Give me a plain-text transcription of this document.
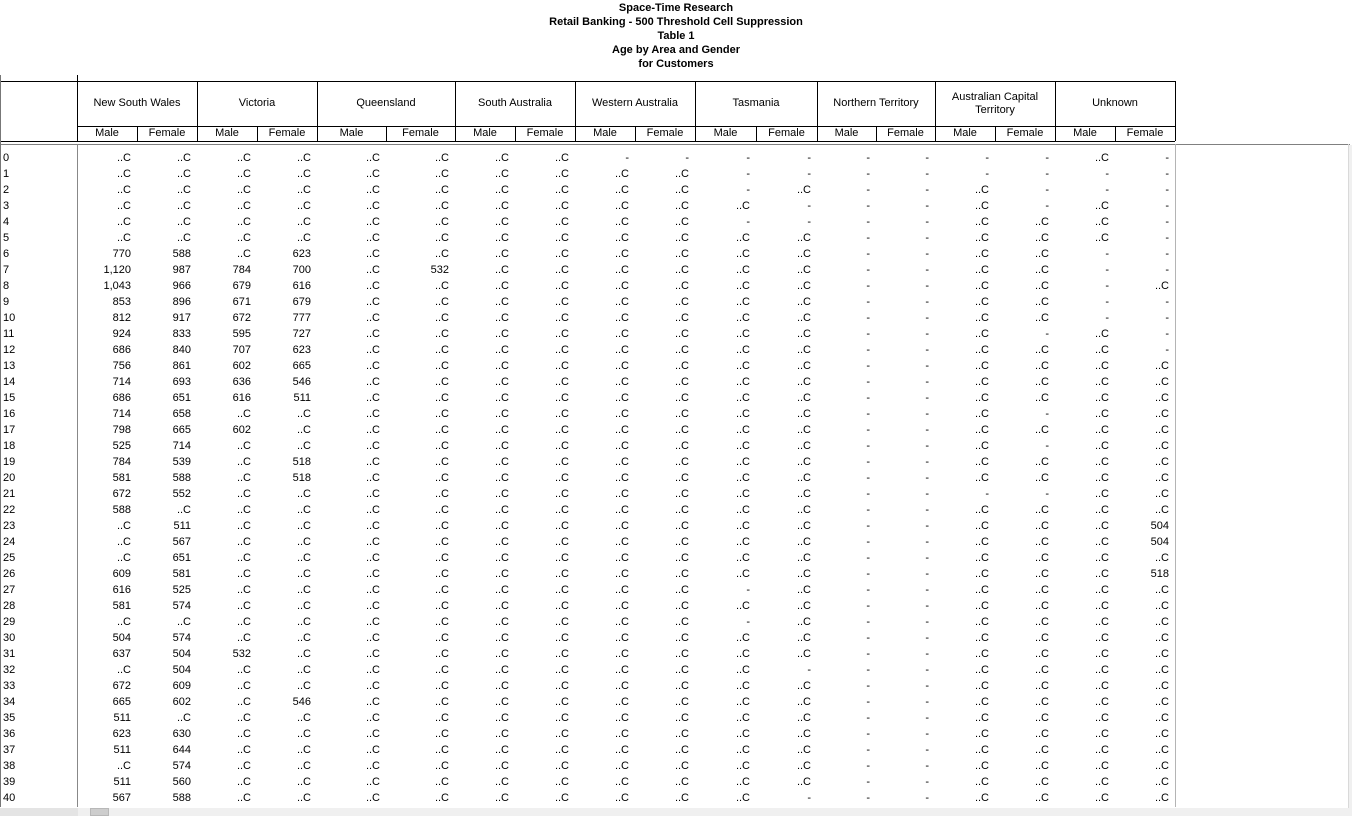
Space-Time Research
Retail Banking - 500 Threshold Cell Suppression
Table 1
Age by Area and Gender
for Customers
New South Wales
Male	Female
Victoria
Male	Female
Queensland
Male	Female
South Australia
Male	Female
Western Australia
Male	Female
Tasmania
Male	Female
Northern Territory
Male	Female
Australian Capital Territory
Male	Female
Unknown
Male	Female
0	..C	..C	..C	..C	..C	..C	..C	..C	-	-	-	-	-	-	-	-	..C	-
1	..C	..C	..C	..C	..C	..C	..C	..C	..C	..C	-	-	-	-	-	-	-	-
2	..C	..C	..C	..C	..C	..C	..C	..C	..C	..C	-	..C	-	-	..C	-	-	-
3	..C	..C	..C	..C	..C	..C	..C	..C	..C	..C	..C	-	-	-	..C	-	..C	-
4	..C	..C	..C	..C	..C	..C	..C	..C	..C	..C	-	-	-	-	..C	..C	..C	-
5	..C	..C	..C	..C	..C	..C	..C	..C	..C	..C	..C	..C	-	-	..C	..C	..C	-
6	770	588	..C	623	..C	..C	..C	..C	..C	..C	..C	..C	-	-	..C	..C	-	-
7	1,120	987	784	700	..C	532	..C	..C	..C	..C	..C	..C	-	-	..C	..C	-	-
8	1,043	966	679	616	..C	..C	..C	..C	..C	..C	..C	..C	-	-	..C	..C	-	..C
9	853	896	671	679	..C	..C	..C	..C	..C	..C	..C	..C	-	-	..C	..C	-	-
10	812	917	672	777	..C	..C	..C	..C	..C	..C	..C	..C	-	-	..C	..C	-	-
11	924	833	595	727	..C	..C	..C	..C	..C	..C	..C	..C	-	-	..C	-	..C	-
12	686	840	707	623	..C	..C	..C	..C	..C	..C	..C	..C	-	-	..C	..C	..C	-
13	756	861	602	665	..C	..C	..C	..C	..C	..C	..C	..C	-	-	..C	..C	..C	..C
14	714	693	636	546	..C	..C	..C	..C	..C	..C	..C	..C	-	-	..C	..C	..C	..C
15	686	651	616	511	..C	..C	..C	..C	..C	..C	..C	..C	-	-	..C	..C	..C	..C
16	714	658	..C	..C	..C	..C	..C	..C	..C	..C	..C	..C	-	-	..C	-	..C	..C
17	798	665	602	..C	..C	..C	..C	..C	..C	..C	..C	..C	-	-	..C	..C	..C	..C
18	525	714	..C	..C	..C	..C	..C	..C	..C	..C	..C	..C	-	-	..C	-	..C	..C
19	784	539	..C	518	..C	..C	..C	..C	..C	..C	..C	..C	-	-	..C	..C	..C	..C
20	581	588	..C	518	..C	..C	..C	..C	..C	..C	..C	..C	-	-	..C	..C	..C	..C
21	672	552	..C	..C	..C	..C	..C	..C	..C	..C	..C	..C	-	-	-	-	..C	..C
22	588	..C	..C	..C	..C	..C	..C	..C	..C	..C	..C	..C	-	-	..C	..C	..C	..C
23	..C	511	..C	..C	..C	..C	..C	..C	..C	..C	..C	..C	-	-	..C	..C	..C	504
24	..C	567	..C	..C	..C	..C	..C	..C	..C	..C	..C	..C	-	-	..C	..C	..C	504
25	..C	651	..C	..C	..C	..C	..C	..C	..C	..C	..C	..C	-	-	..C	..C	..C	..C
26	609	581	..C	..C	..C	..C	..C	..C	..C	..C	..C	..C	-	-	..C	..C	..C	518
27	616	525	..C	..C	..C	..C	..C	..C	..C	..C	-	..C	-	-	..C	..C	..C	..C
28	581	574	..C	..C	..C	..C	..C	..C	..C	..C	..C	..C	-	-	..C	..C	..C	..C
29	..C	..C	..C	..C	..C	..C	..C	..C	..C	..C	-	..C	-	-	..C	..C	..C	..C
30	504	574	..C	..C	..C	..C	..C	..C	..C	..C	..C	..C	-	-	..C	..C	..C	..C
31	637	504	532	..C	..C	..C	..C	..C	..C	..C	..C	..C	-	-	..C	..C	..C	..C
32	..C	504	..C	..C	..C	..C	..C	..C	..C	..C	..C	-	-	-	..C	..C	..C	..C
33	672	609	..C	..C	..C	..C	..C	..C	..C	..C	..C	..C	-	-	..C	..C	..C	..C
34	665	602	..C	546	..C	..C	..C	..C	..C	..C	..C	..C	-	-	..C	..C	..C	..C
35	511	..C	..C	..C	..C	..C	..C	..C	..C	..C	..C	..C	-	-	..C	..C	..C	..C
36	623	630	..C	..C	..C	..C	..C	..C	..C	..C	..C	..C	-	-	..C	..C	..C	..C
37	511	644	..C	..C	..C	..C	..C	..C	..C	..C	..C	..C	-	-	..C	..C	..C	..C
38	..C	574	..C	..C	..C	..C	..C	..C	..C	..C	..C	..C	-	-	..C	..C	..C	..C
39	511	560	..C	..C	..C	..C	..C	..C	..C	..C	..C	..C	-	-	..C	..C	..C	..C
40	567	588	..C	..C	..C	..C	..C	..C	..C	..C	..C	-	-	-	..C	..C	..C	..C
